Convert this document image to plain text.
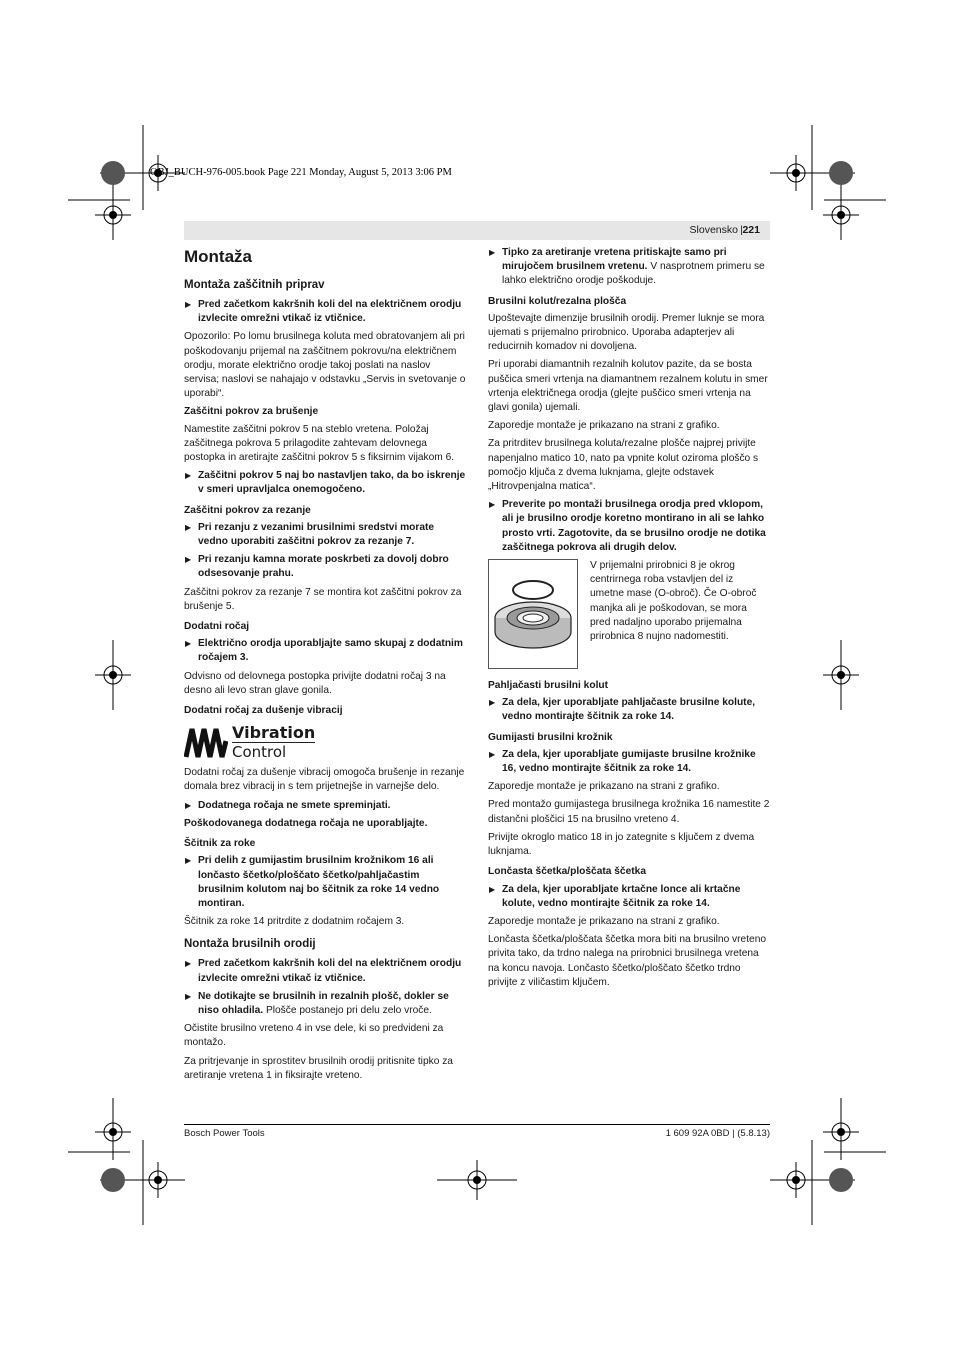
OBJ_BUCH-976-005.book Page 221 Monday, August 5, 2013 3:06 PM
Slovensko | 221
Montaža
Montaža zaščitnih priprav
▶ Pred začetkom kakršnih koli del na električnem orodju izvlecite omrežni vtikač iz vtičnice.

Opozorilo: Po lomu brusilnega koluta med obratovanjem ali pri poškodovanju prijemal na zaščitnem pokrovu/na električnem orodju, morate električno orodje takoj poslati na naslov servisa; naslovi se nahajajo v odstavku „Servis in svetovanje o uporabi“.

Zaščitni pokrov za brušenje

Namestite zaščitni pokrov 5 na steblo vretena. Položaj zaščitnega pokrova 5 prilagodite zahtevam delovnega postopka in aretirajte zaščitni pokrov 5 s fiksirnim vijakom 6.

▶ Zaščitni pokrov 5 naj bo nastavljen tako, da bo iskrenje v smeri upravljalca onemogočeno.
Zaščitni pokrov za rezanje
▶ Pri rezanju z vezanimi brusilnimi sredstvi morate vedno uporabiti zaščitni pokrov za rezanje 7.
▶ Pri rezanju kamna morate poskrbeti za dovolj dobro odsesovanje prahu.

Zaščitni pokrov za rezanje 7 se montira kot zaščitni pokrov za brušenje 5.

Dodatni ročaj
▶ Električno orodja uporabljajte samo skupaj z dodatnim ročajem 3.

Odvisno od delovnega postopka privijte dodatni ročaj 3 na desno ali levo stran glave gonila.

Dodatni ročaj za dušenje vibracij
Vibration
Control

Dodatni ročaj za dušenje vibracij omogoča brušenje in rezanje domala brez vibracij in s tem prijetnejše in varnejše delo.

▶ Dodatnega ročaja ne smete spreminjati.

Poškodovanega dodatnega ročaja ne uporabljajte.

Ščitnik za roke
▶ Pri delih z gumijastim brusilnim krožnikom 16 ali lončasto ščetko/ploščato ščetko/pahljačastim brusilnim kolutom naj bo ščitnik za roke 14 vedno montiran.

Ščitnik za roke 14 pritrdite z dodatnim ročajem 3.

Nontaža brusilnih orodij
▶ Pred začetkom kakršnih koli del na električnem orodju izvlecite omrežni vtikač iz vtičnice.
▶ Ne dotikajte se brusilnih in rezalnih plošč, dokler se niso ohladila. Plošče postanejo pri delu zelo vroče.

Očistite brusilno vreteno 4 in vse dele, ki so predvideni za montažo.

Za pritrjevanje in sprostitev brusilnih orodij pritisnite tipko za aretiranje vretena 1 in fiksirajte vreteno.

▶ Tipko za aretiranje vretena pritiskajte samo pri mirujočem brusilnem vretenu. V nasprotnem primeru se lahko električno orodje poškoduje.
Brusilni kolut/rezalna plošča

Upoštevajte dimenzije brusilnih orodij. Premer luknje se mora ujemati s prijemalno prirobnico. Uporaba adapterjev ali reducirnih komadov ni dovoljena.

Pri uporabi diamantnih rezalnih kolutov pazite, da se bosta puščica smeri vrtenja na diamantnem rezalnem kolutu in smer vrtenja električnega orodja (glejte puščico smeri vrtenja na glavi gonila) ujemali.

Zaporedje montaže je prikazano na strani z grafiko.

Za pritrditev brusilnega koluta/rezalne plošče najprej privijte napenjalno matico 10, nato pa vpnite kolut oziroma ploščo s pomočjo ključa z dvema luknjama, glejte odstavek „Hitrovpenjalna matica“.

▶ Preverite po montaži brusilnega orodja pred vklopom, ali je brusilno orodje koretno montirano in ali se lahko prosto vrti. Zagotovite, da se brusilno orodje ne dotika zaščitnega pokrova ali drugih delov.

V prijemalni prirobnici 8 je okrog centrirnega roba vstavljen del iz umetne mase (O-obroč). Če O-obroč manjka ali je poškodovan, se mora pred nadaljno uporabo prijemalna prirobnica 8 nujno nadomestiti.

Pahljačasti brusilni kolut
▶ Za dela, kjer uporabljate pahljačaste brusilne kolute, vedno montirajte ščitnik za roke 14.
Gumijasti brusilni krožnik
▶ Za dela, kjer uporabljate gumijaste brusilne krožnike 16, vedno montirajte ščitnik za roke 14.

Zaporedje montaže je prikazano na strani z grafiko.

Pred montažo gumijastega brusilnega krožnika 16 namestite 2 distančni ploščici 15 na brusilno vreteno 4.

Privijte okroglo matico 18 in jo zategnite s ključem z dvema luknjama.

Lončasta ščetka/ploščata ščetka
▶ Za dela, kjer uporabljate krtačne lonce ali krtačne kolute, vedno montirajte ščitnik za roke 14.

Zaporedje montaže je prikazano na strani z grafiko.

Lončasta ščetka/ploščata ščetka mora biti na brusilno vreteno privita tako, da trdno nalega na prirobnici brusilnega vretena na koncu navoja. Lončasto ščetko/ploščato ščetko trdno privijte z viličastim ključem.

Bosch Power Tools	1 609 92A 0BD | (5.8.13)
